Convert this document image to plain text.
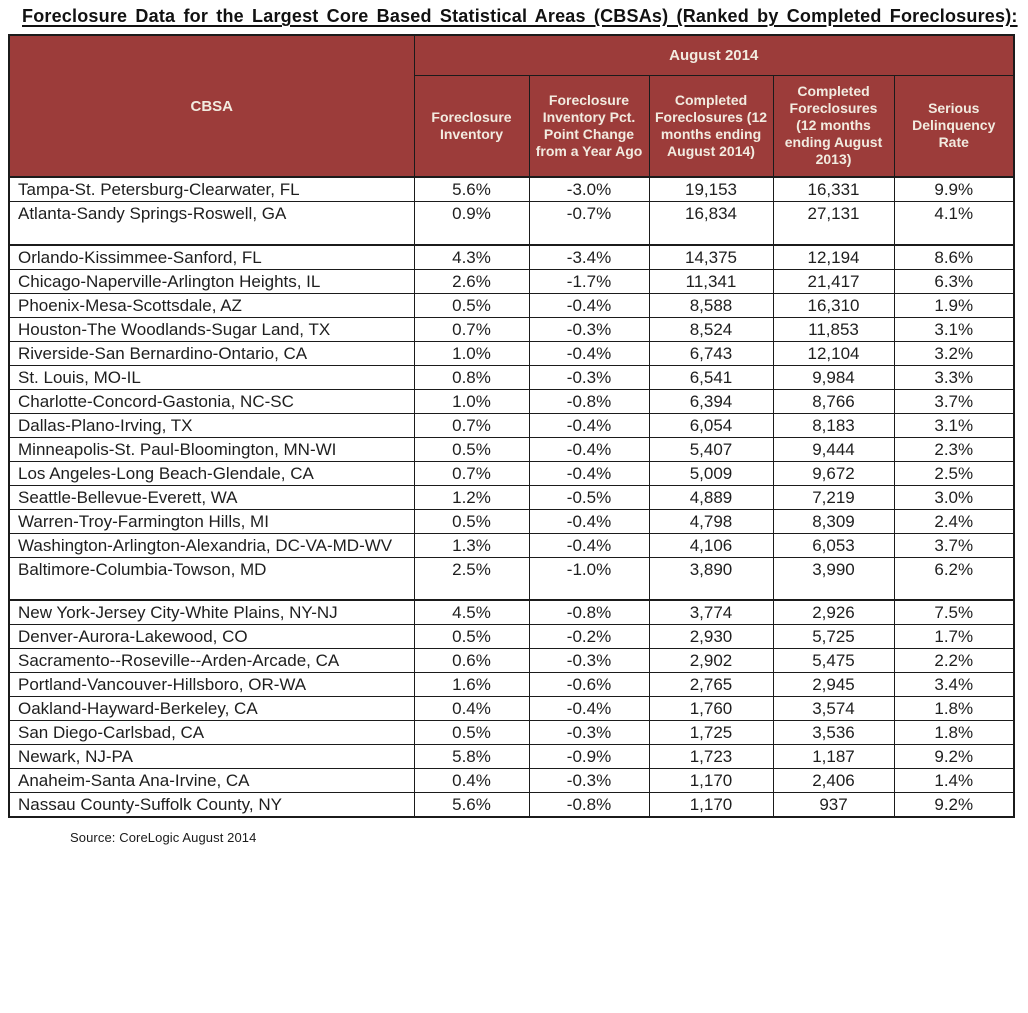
Foreclosure Data for the Largest Core Based Statistical Areas (CBSAs) (Ranked by Completed Foreclosures):
CBSA	August 2014				
	Foreclosure Inventory	Foreclosure Inventory Pct. Point Change from a Year Ago	Completed Foreclosures (12 months ending August 2014)	Completed Foreclosures (12 months ending August 2013)	Serious Delinquency Rate
Tampa-St. Petersburg-Clearwater, FL	5.6%	-3.0%	19,153	16,331	9.9%
Atlanta-Sandy Springs-Roswell, GA	0.9%	-0.7%	16,834	27,131	4.1%
Orlando-Kissimmee-Sanford, FL	4.3%	-3.4%	14,375	12,194	8.6%
Chicago-Naperville-Arlington Heights, IL	2.6%	-1.7%	11,341	21,417	6.3%
Phoenix-Mesa-Scottsdale, AZ	0.5%	-0.4%	8,588	16,310	1.9%
Houston-The Woodlands-Sugar Land, TX	0.7%	-0.3%	8,524	11,853	3.1%
Riverside-San Bernardino-Ontario, CA	1.0%	-0.4%	6,743	12,104	3.2%
St. Louis, MO-IL	0.8%	-0.3%	6,541	9,984	3.3%
Charlotte-Concord-Gastonia, NC-SC	1.0%	-0.8%	6,394	8,766	3.7%
Dallas-Plano-Irving, TX	0.7%	-0.4%	6,054	8,183	3.1%
Minneapolis-St. Paul-Bloomington, MN-WI	0.5%	-0.4%	5,407	9,444	2.3%
Los Angeles-Long Beach-Glendale, CA	0.7%	-0.4%	5,009	9,672	2.5%
Seattle-Bellevue-Everett, WA	1.2%	-0.5%	4,889	7,219	3.0%
Warren-Troy-Farmington Hills, MI	0.5%	-0.4%	4,798	8,309	2.4%
Washington-Arlington-Alexandria, DC-VA-MD-WV	1.3%	-0.4%	4,106	6,053	3.7%
Baltimore-Columbia-Towson, MD	2.5%	-1.0%	3,890	3,990	6.2%
New York-Jersey City-White Plains, NY-NJ	4.5%	-0.8%	3,774	2,926	7.5%
Denver-Aurora-Lakewood, CO	0.5%	-0.2%	2,930	5,725	1.7%
Sacramento--Roseville--Arden-Arcade, CA	0.6%	-0.3%	2,902	5,475	2.2%
Portland-Vancouver-Hillsboro, OR-WA	1.6%	-0.6%	2,765	2,945	3.4%
Oakland-Hayward-Berkeley, CA	0.4%	-0.4%	1,760	3,574	1.8%
San Diego-Carlsbad, CA	0.5%	-0.3%	1,725	3,536	1.8%
Newark, NJ-PA	5.8%	-0.9%	1,723	1,187	9.2%
Anaheim-Santa Ana-Irvine, CA	0.4%	-0.3%	1,170	2,406	1.4%
Nassau County-Suffolk County, NY	5.6%	-0.8%	1,170	937	9.2%
Source: CoreLogic August 2014
